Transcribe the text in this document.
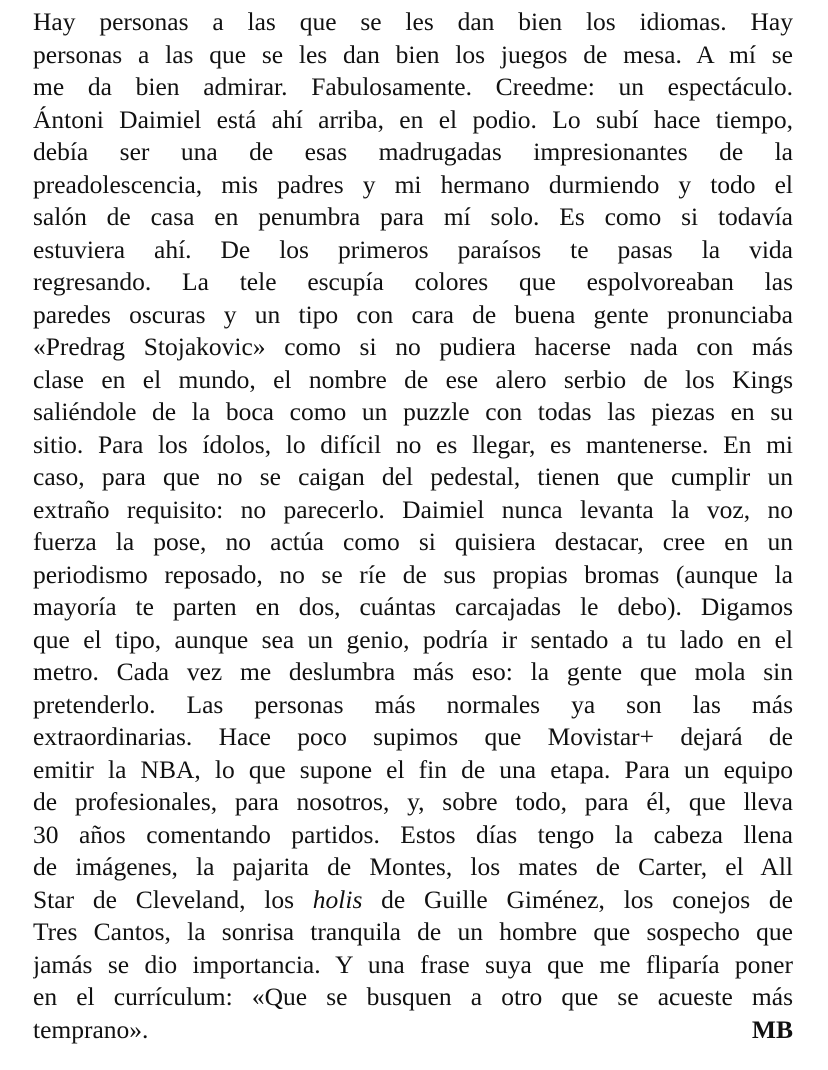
Hay personas a las que se les dan bien los idiomas. Hay
personas a las que se les dan bien los juegos de mesa. A mí se
me da bien admirar. Fabulosamente. Creedme: un espectáculo.
Ántoni Daimiel está ahí arriba, en el podio. Lo subí hace tiempo,
debía ser una de esas madrugadas impresionantes de la
preadolescencia, mis padres y mi hermano durmiendo y todo el
salón de casa en penumbra para mí solo. Es como si todavía
estuviera ahí. De los primeros paraísos te pasas la vida
regresando. La tele escupía colores que espolvoreaban las
paredes oscuras y un tipo con cara de buena gente pronunciaba
«Predrag Stojakovic» como si no pudiera hacerse nada con más
clase en el mundo, el nombre de ese alero serbio de los Kings
saliéndole de la boca como un puzzle con todas las piezas en su
sitio. Para los ídolos, lo difícil no es llegar, es mantenerse. En mi
caso, para que no se caigan del pedestal, tienen que cumplir un
extraño requisito: no parecerlo. Daimiel nunca levanta la voz, no
fuerza la pose, no actúa como si quisiera destacar, cree en un
periodismo reposado, no se ríe de sus propias bromas (aunque la
mayoría te parten en dos, cuántas carcajadas le debo). Digamos
que el tipo, aunque sea un genio, podría ir sentado a tu lado en el
metro. Cada vez me deslumbra más eso: la gente que mola sin
pretenderlo. Las personas más normales ya son las más
extraordinarias. Hace poco supimos que Movistar+ dejará de
emitir la NBA, lo que supone el fin de una etapa. Para un equipo
de profesionales, para nosotros, y, sobre todo, para él, que lleva
30 años comentando partidos. Estos días tengo la cabeza llena
de imágenes, la pajarita de Montes, los mates de Carter, el All
Star de Cleveland, los holis de Guille Giménez, los conejos de
Tres Cantos, la sonrisa tranquila de un hombre que sospecho que
jamás se dio importancia. Y una frase suya que me fliparía poner
en el currículum: «Que se busquen a otro que se acueste más
temprano».	MB
